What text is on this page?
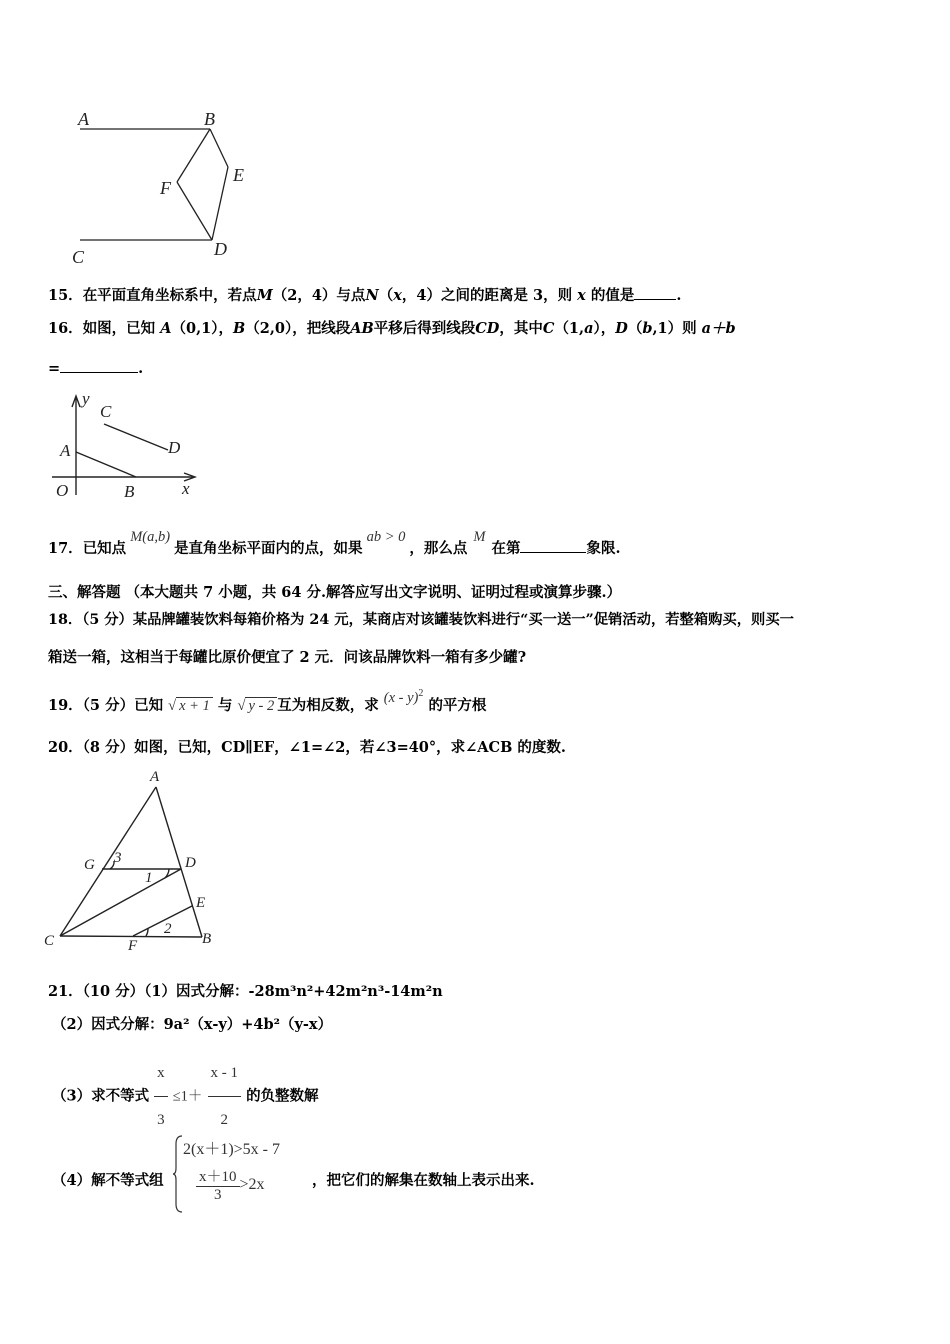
A	B
E
F
C	D
15．在平面直角坐标系中，若点M（2，4）与点N（x，4）之间的距离是 3，则 x 的值是	.
16．如图，已知 A（0,1），B（2,0），把线段AB平移后得到线段CD，其中C（1,a），D（b,1）则 a＋b
=	.
y
x
O
A
B
C
D
17．已知点M(a,b)是直角坐标平面内的点，如果ab > 0，那么点M在第	象限.
三、解答题 （本大题共 7 小题，共 64 分.解答应写出文字说明、证明过程或演算步骤.）
18．（5 分）某品牌罐装饮料每箱价格为 24 元，某商店对该罐装饮料进行“买一送一”促销活动，若整箱购买，则买一
箱送一箱，这相当于每罐比原价便宜了 2 元．问该品牌饮料一箱有多少罐?
19．（5 分）已知 √ x + 1 与 √ y - 2 互为相反数，求 (x - y)$^2$ 的平方根
20．（8 分）如图，已知，CD∥EF，∠1=∠2，若∠3=40°，求∠ACB 的度数.
A
G 3	D
1
E
2
C	F	B
21．（10 分）（1）因式分解：-28m³n²+42m²n³-14m²n
（2）因式分解：9a²（x-y）+4b²（y-x）
（3）求不等式 $\frac{x}{3} \le 1+ \frac{x - 1}{2}$ 的负整数解
（4）解不等式组
2(x＋1)>5x - 7
$\frac{x+10}{3} >2x$	，把它们的解集在数轴上表示出来.
